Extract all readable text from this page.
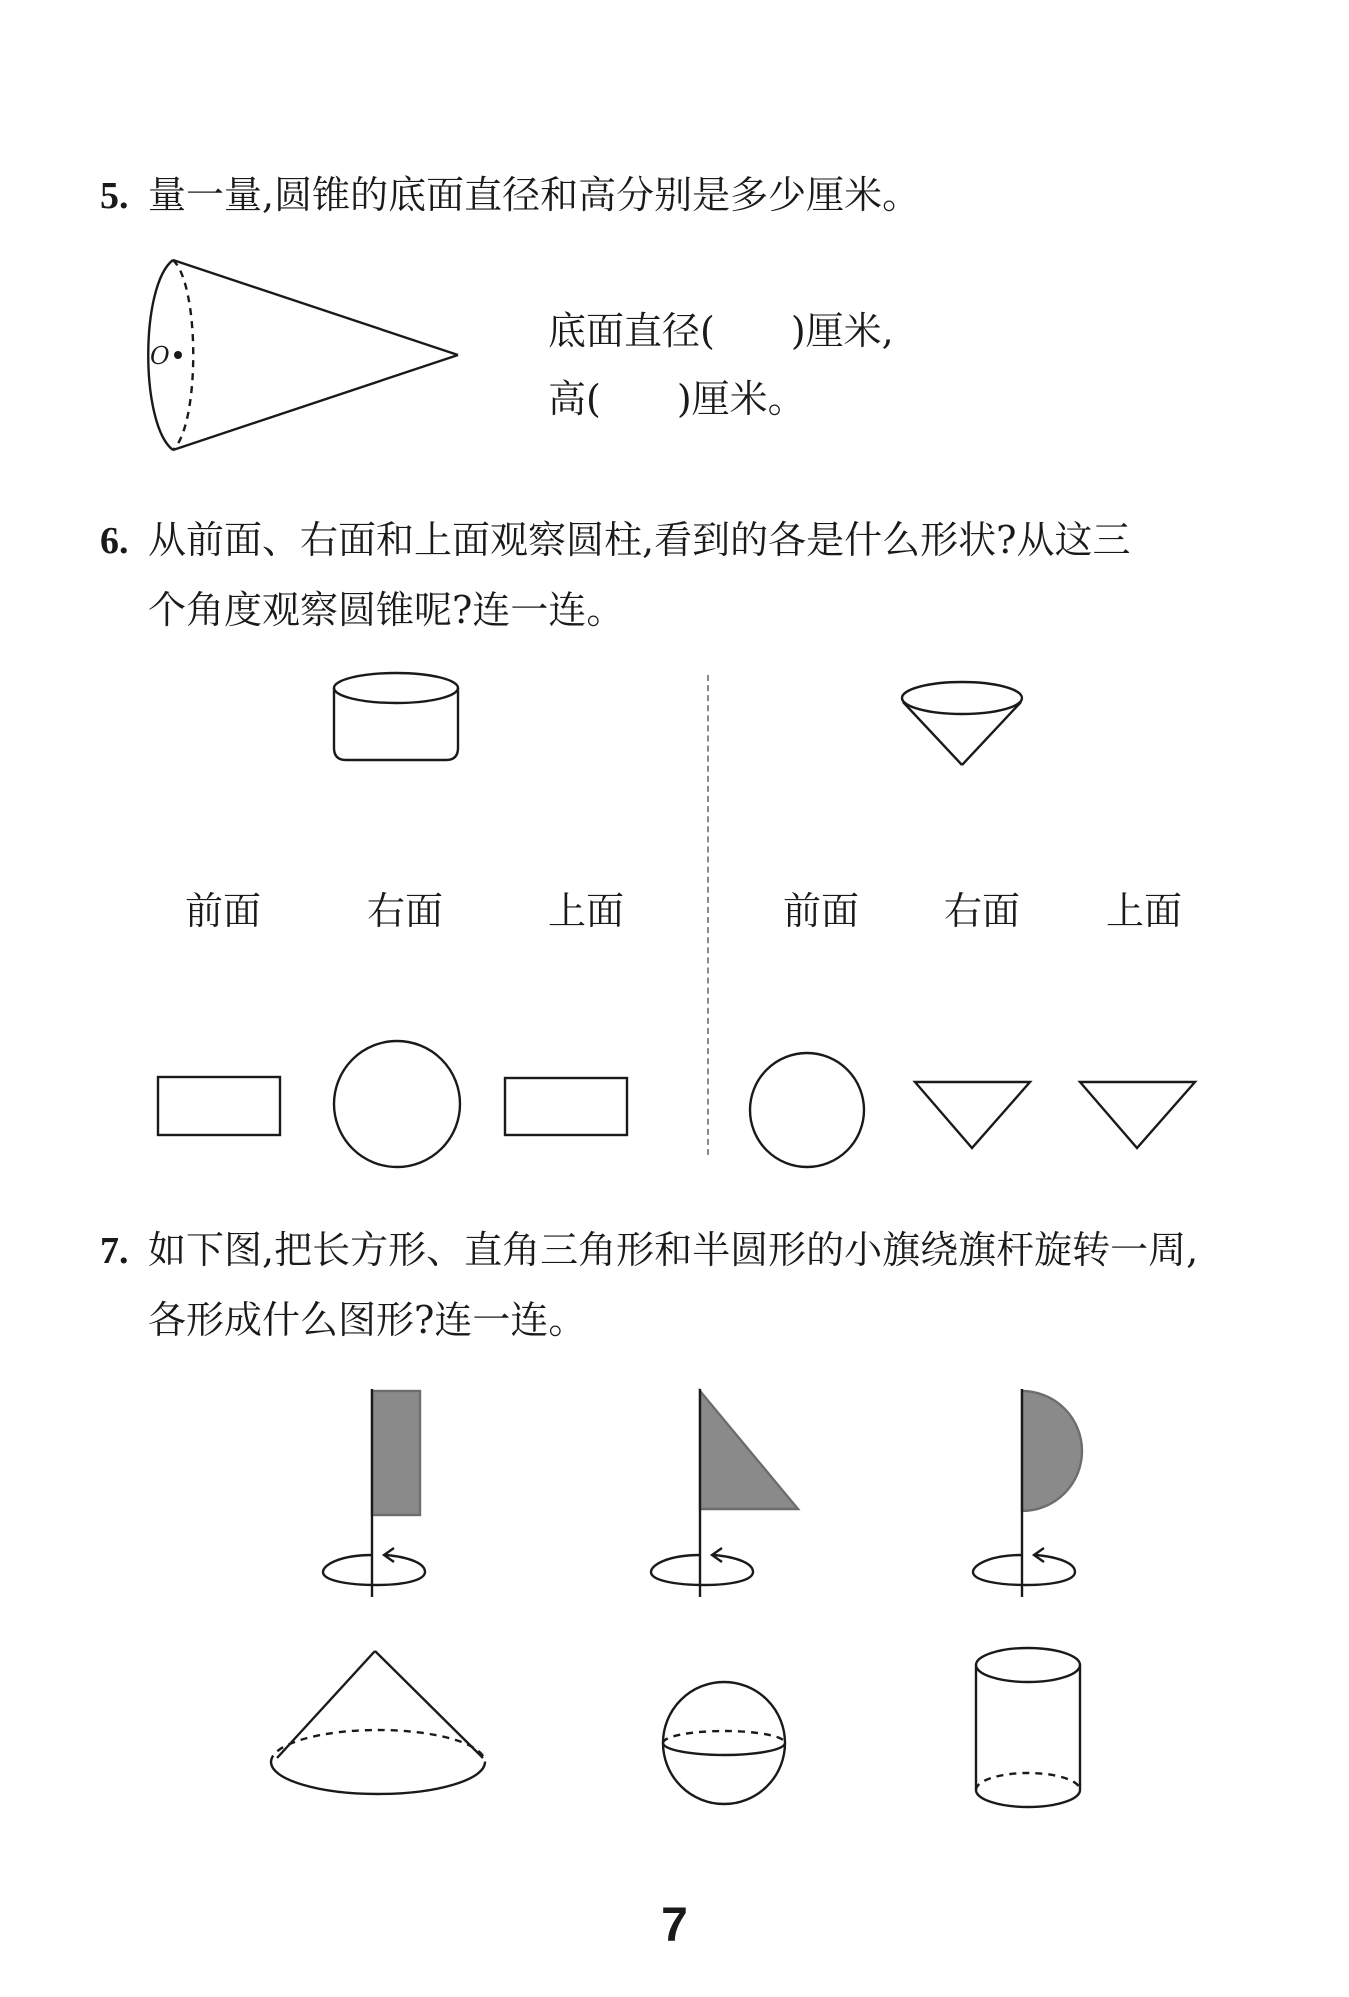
5. 量一量,圆锥的底面直径和高分别是多少厘米。
O
底面直径(　　)厘米,
高(　　)厘米。
6. 从前面、右面和上面观察圆柱,看到的各是什么形状?从这三
个角度观察圆锥呢?连一连。
前面	右面	上面	前面 右面 上面
7. 如下图,把长方形、直角三角形和半圆形的小旗绕旗杆旋转一周,
各形成什么图形?连一连。
7
